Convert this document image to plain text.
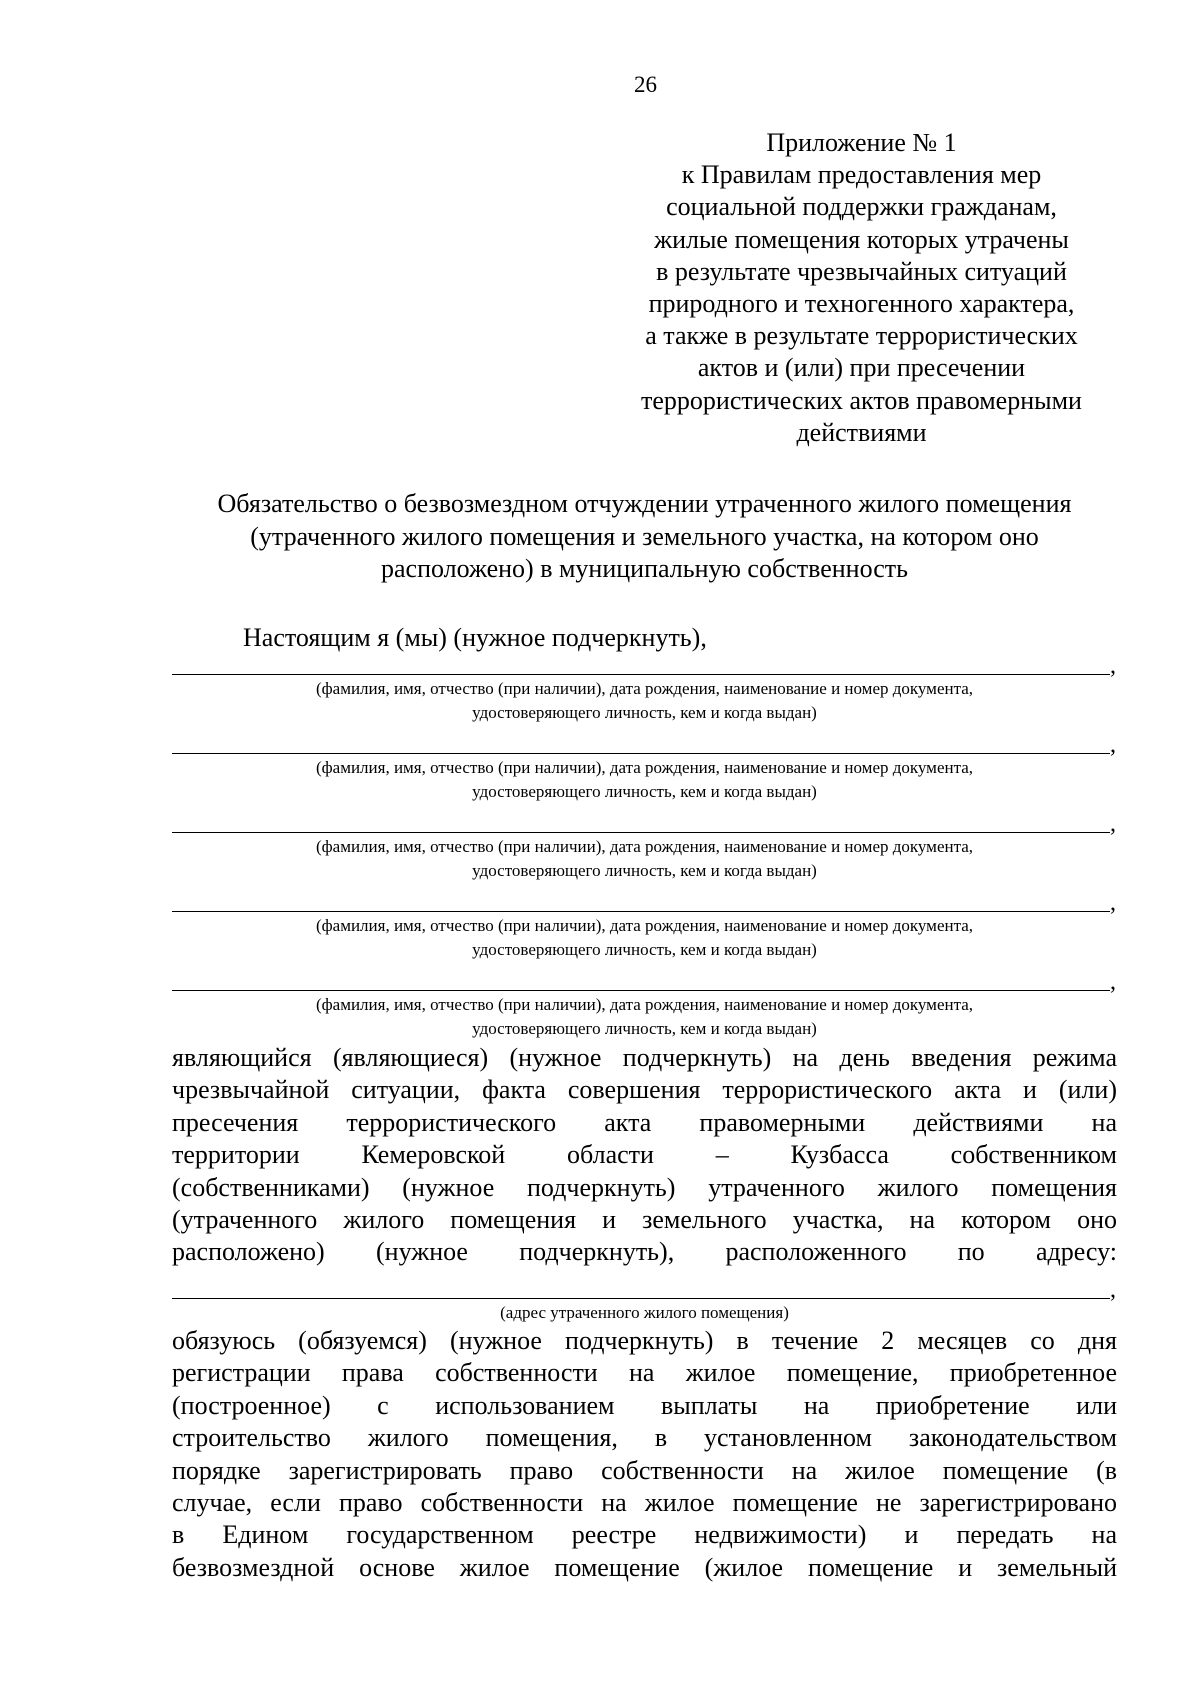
26
Приложение № 1
к Правилам предоставления мер
социальной поддержки гражданам,
жилые помещения которых утрачены
в результате чрезвычайных ситуаций
природного и техногенного характера,
а также в результате террористических
актов и (или) при пресечении
террористических актов правомерными
действиями
Обязательство о безвозмездном отчуждении утраченного жилого помещения
(утраченного жилого помещения и земельного участка, на котором оно
расположено) в муниципальную собственность
Настоящим я (мы) (нужное подчеркнуть),
,
(фамилия, имя, отчество (при наличии), дата рождения, наименование и номер документа,
удостоверяющего личность, кем и когда выдан)
,
(фамилия, имя, отчество (при наличии), дата рождения, наименование и номер документа,
удостоверяющего личность, кем и когда выдан)
,
(фамилия, имя, отчество (при наличии), дата рождения, наименование и номер документа,
удостоверяющего личность, кем и когда выдан)
,
(фамилия, имя, отчество (при наличии), дата рождения, наименование и номер документа,
удостоверяющего личность, кем и когда выдан)
,
(фамилия, имя, отчество (при наличии), дата рождения, наименование и номер документа,
удостоверяющего личность, кем и когда выдан)
являющийся (являющиеся) (нужное подчеркнуть) на день введения режима
чрезвычайной ситуации, факта совершения террористического акта и (или)
пресечения террористического акта правомерными действиями на
территории Кемеровской области – Кузбасса собственником
(собственниками) (нужное подчеркнуть) утраченного жилого помещения
(утраченного жилого помещения и земельного участка, на котором оно
расположено) (нужное подчеркнуть), расположенного по адресу:
,
(адрес утраченного жилого помещения)
обязуюсь (обязуемся) (нужное подчеркнуть) в течение 2 месяцев со дня
регистрации права собственности на жилое помещение, приобретенное
(построенное) с использованием выплаты на приобретение или
строительство жилого помещения, в установленном законодательством
порядке зарегистрировать право собственности на жилое помещение (в
случае, если право собственности на жилое помещение не зарегистрировано
в Едином государственном реестре недвижимости) и передать на
безвозмездной основе жилое помещение (жилое помещение и земельный
